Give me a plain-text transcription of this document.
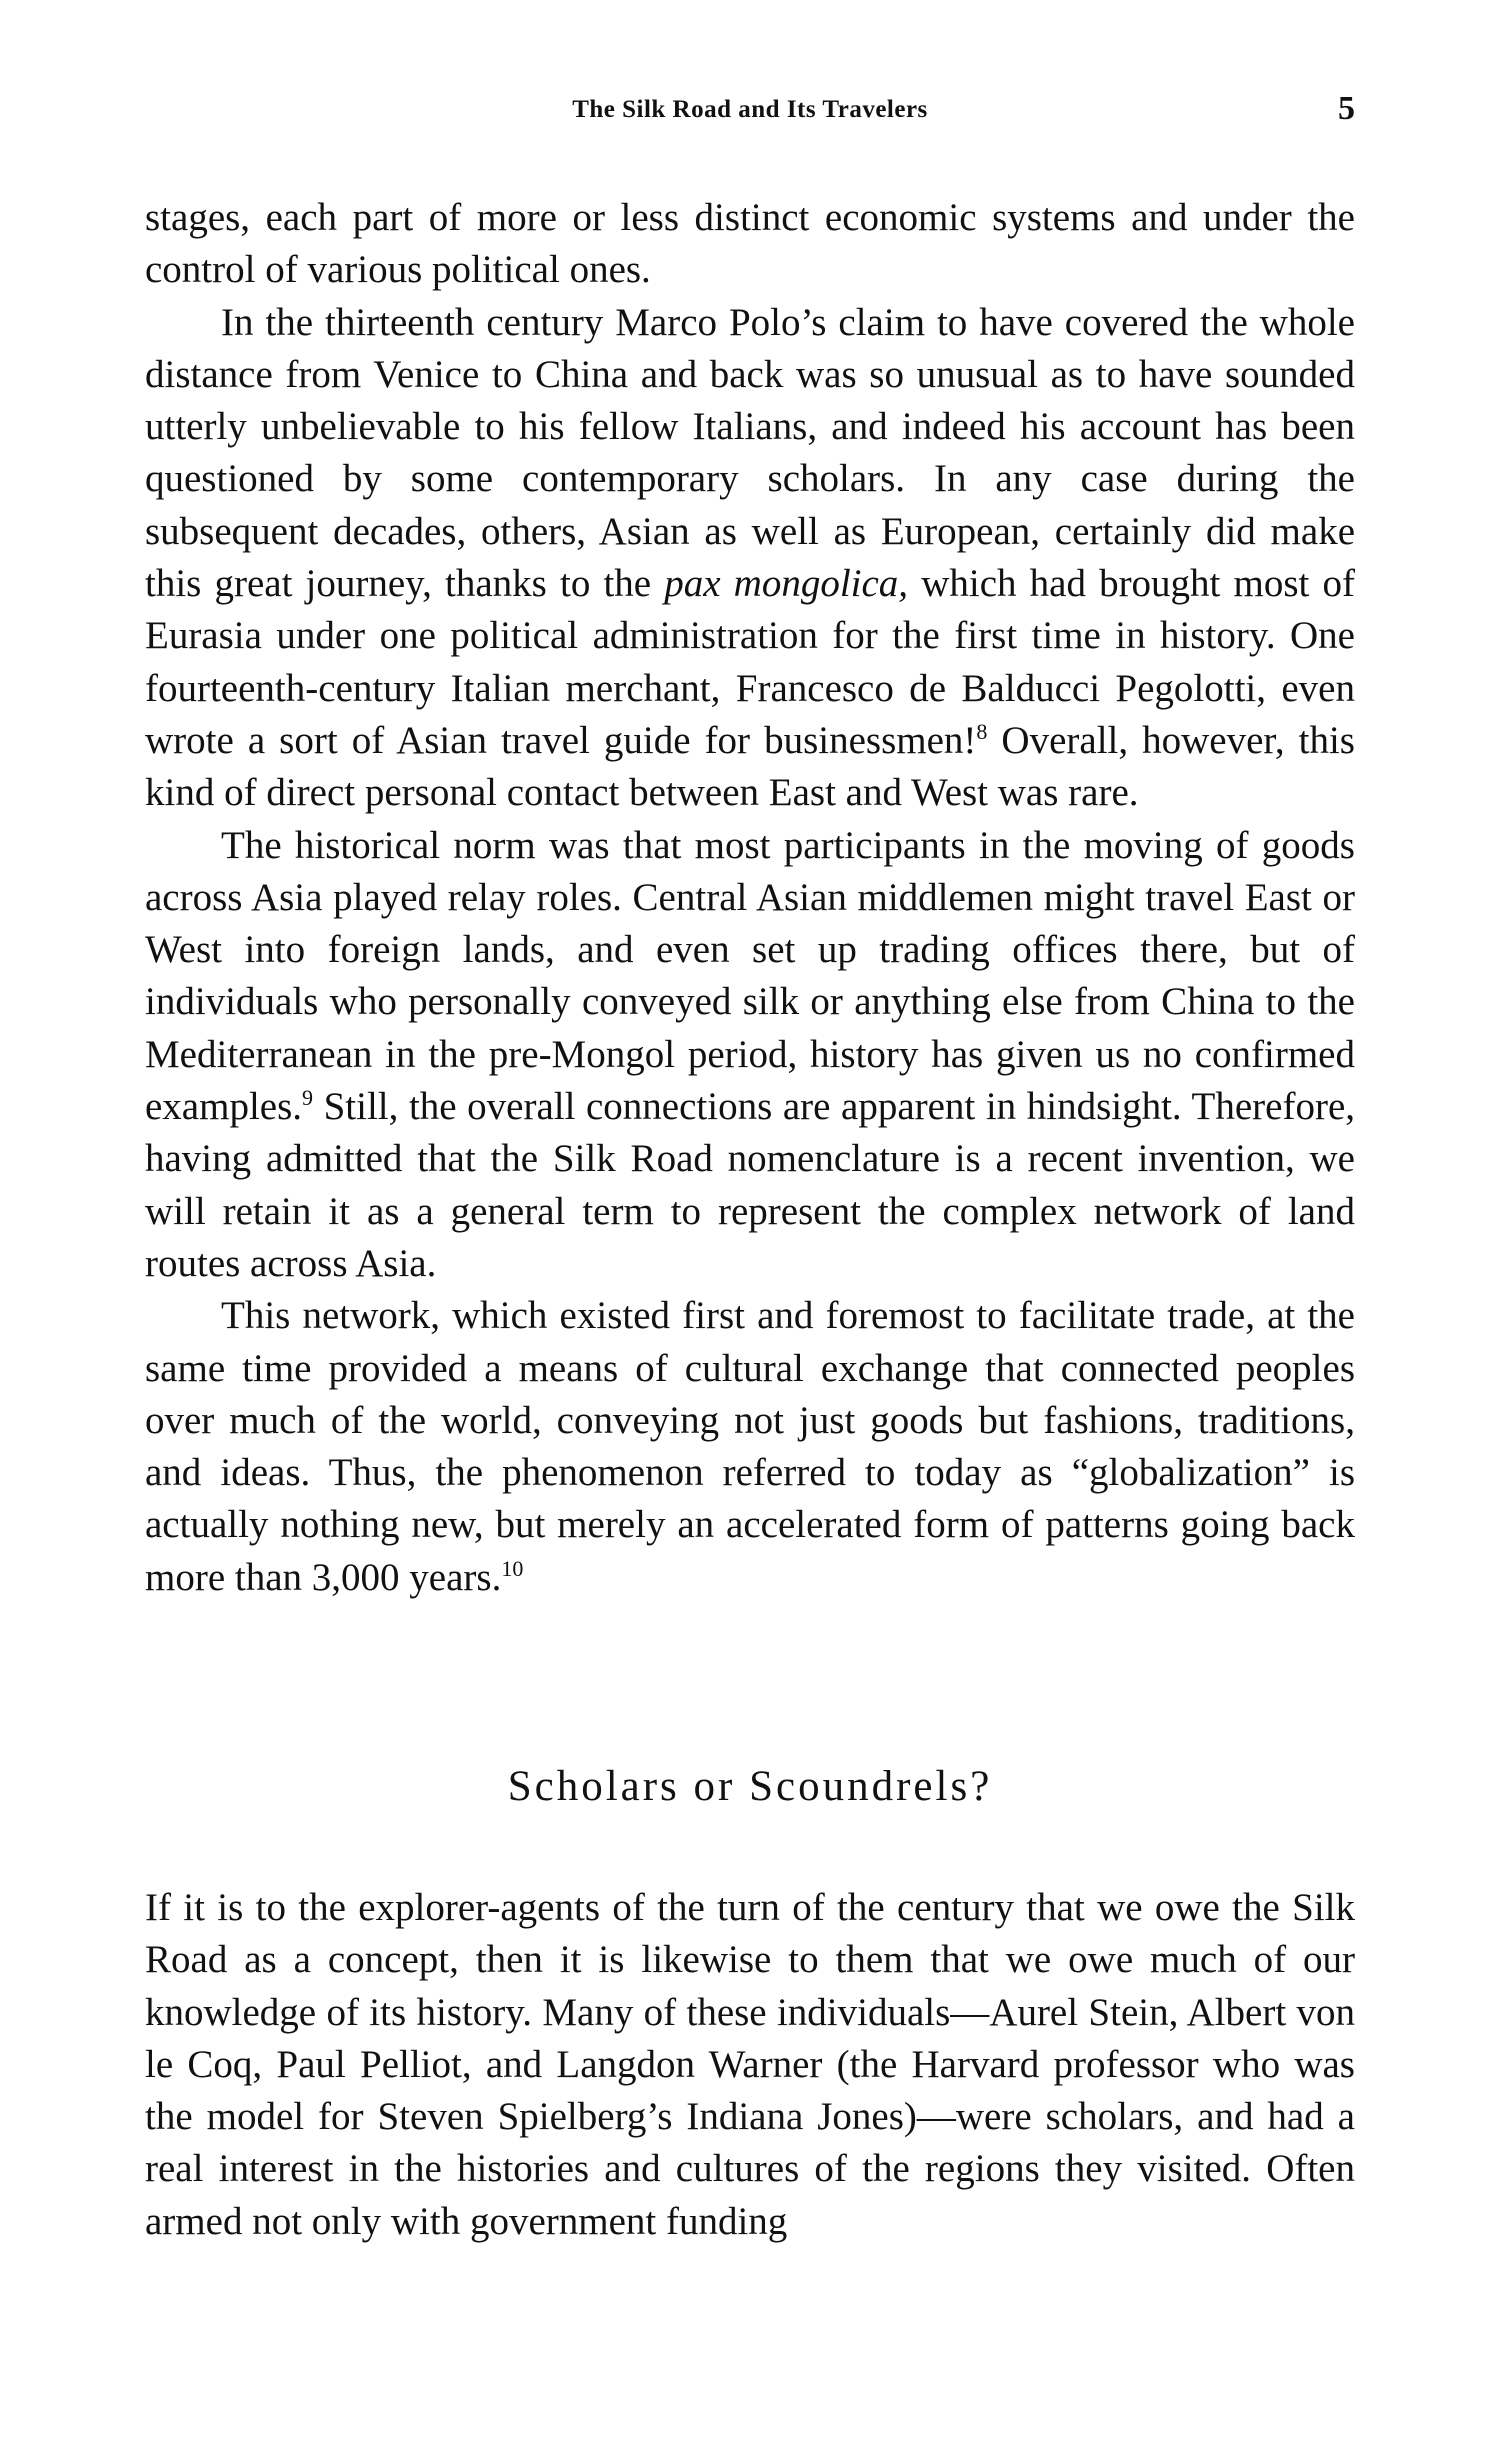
The Silk Road and Its Travelers	5

stages, each part of more or less distinct economic systems and under the control of various political ones.

In the thirteenth century Marco Polo’s claim to have covered the whole distance from Venice to China and back was so unusual as to have sounded utterly unbelievable to his fellow Italians, and indeed his account has been questioned by some contemporary scholars. In any case during the subsequent decades, others, Asian as well as European, certainly did make this great journey, thanks to the pax mongolica, which had brought most of Eurasia under one political administration for the first time in history. One fourteenth-century Italian merchant, Francesco de Balducci Pegolotti, even wrote a sort of Asian travel guide for businessmen!$^8$ Overall, however, this kind of direct personal contact between East and West was rare.

The historical norm was that most participants in the moving of goods across Asia played relay roles. Central Asian middlemen might travel East or West into foreign lands, and even set up trading offices there, but of individuals who personally conveyed silk or anything else from China to the Mediterranean in the pre-Mongol period, history has given us no confirmed examples.$^9$ Still, the overall connections are apparent in hindsight. Therefore, having admitted that the Silk Road nomenclature is a recent invention, we will retain it as a general term to represent the complex network of land routes across Asia.

This network, which existed first and foremost to facilitate trade, at the same time provided a means of cultural exchange that connected peoples over much of the world, conveying not just goods but fashions, traditions, and ideas. Thus, the phenomenon referred to today as “globalization” is actually nothing new, but merely an accelerated form of patterns going back more than 3,000 years.$^{10}$

Scholars or Scoundrels?

If it is to the explorer-agents of the turn of the century that we owe the Silk Road as a concept, then it is likewise to them that we owe much of our knowledge of its history. Many of these individuals—Aurel Stein, Albert von le Coq, Paul Pelliot, and Langdon Warner (the Harvard professor who was the model for Steven Spielberg’s Indiana Jones)—were scholars, and had a real interest in the histories and cultures of the regions they visited. Often armed not only with government funding
